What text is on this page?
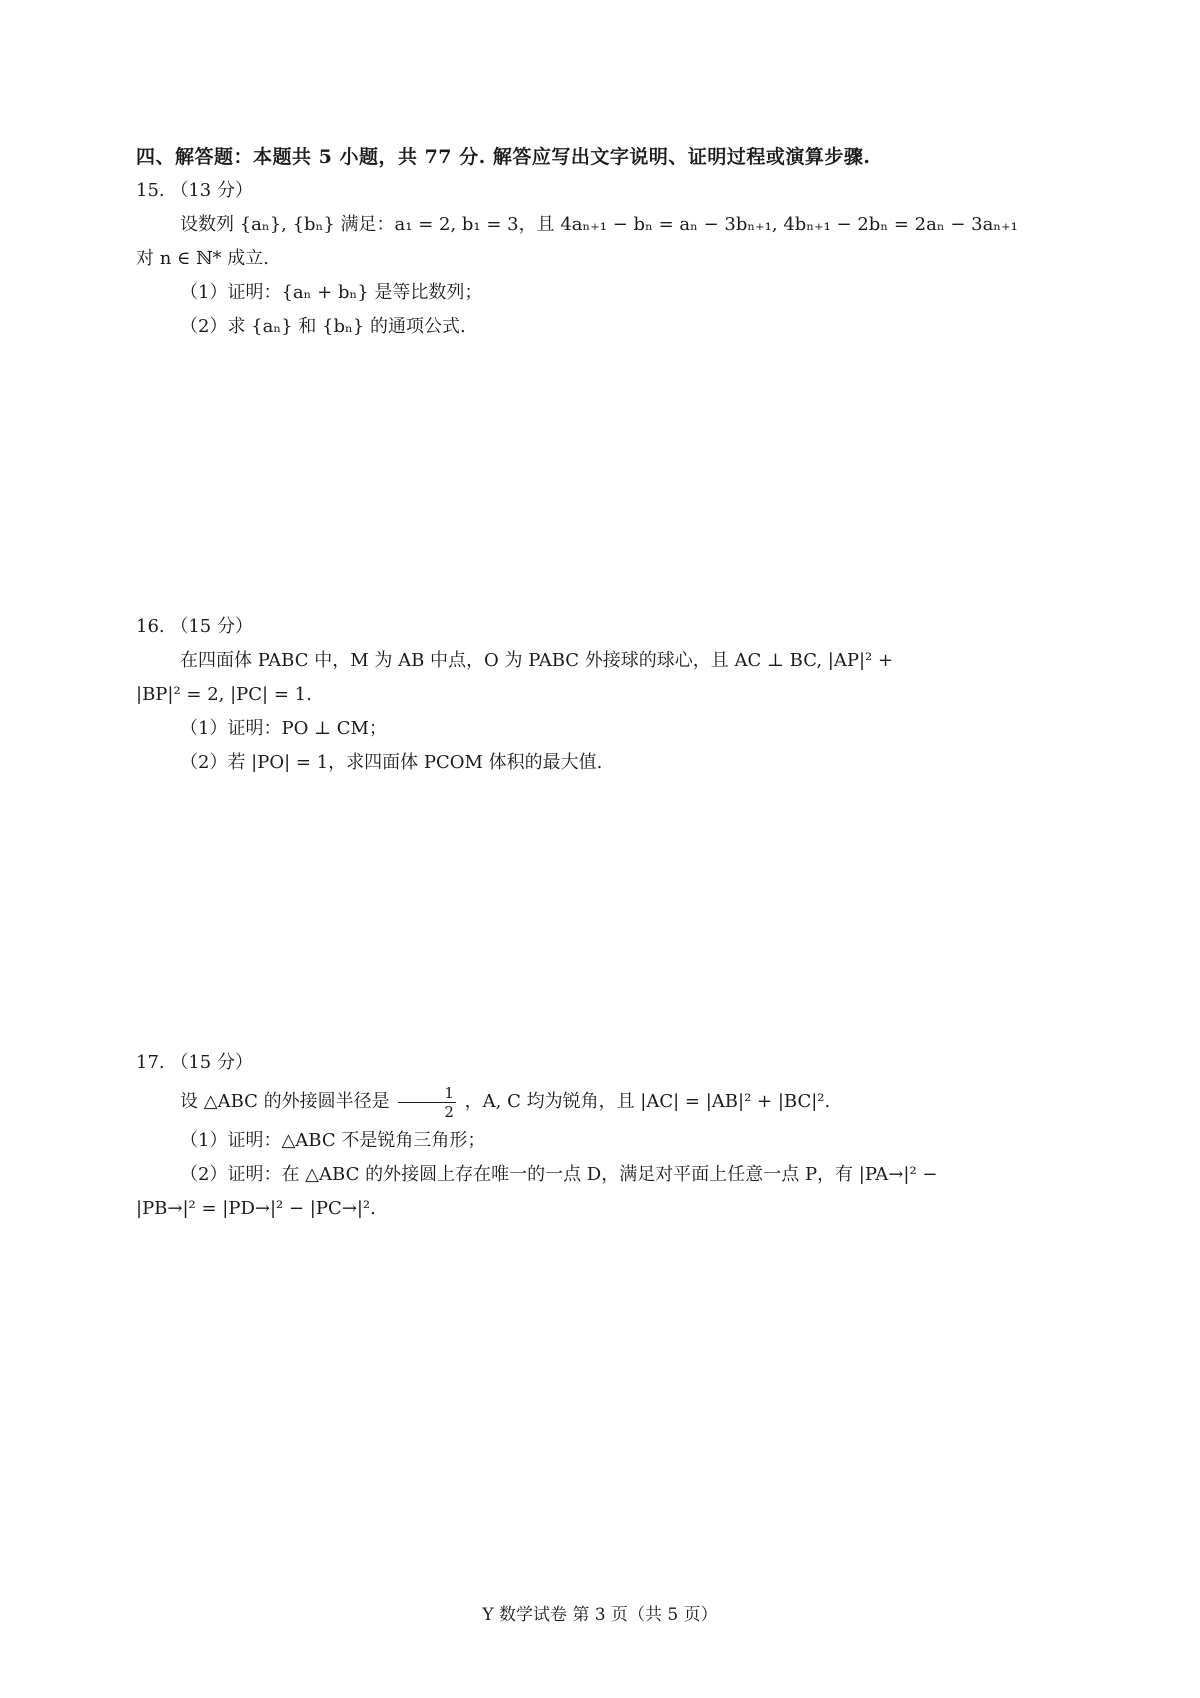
四、解答题：本题共 5 小题，共 77 分. 解答应写出文字说明、证明过程或演算步骤.
15. （13 分）
设数列 {aₙ}, {bₙ} 满足：a₁ = 2, b₁ = 3，且 4aₙ₊₁ − bₙ = aₙ − 3bₙ₊₁, 4bₙ₊₁ − 2bₙ = 2aₙ − 3aₙ₊₁
对 n ∈ ℕ* 成立.
（1）证明：{aₙ + bₙ} 是等比数列；
（2）求 {aₙ} 和 {bₙ} 的通项公式.
16. （15 分）
在四面体 PABC 中，M 为 AB 中点，O 为 PABC 外接球的球心，且 AC ⊥ BC, |AP|² +
|BP|² = 2, |PC| = 1.
（1）证明：PO ⊥ CM；
（2）若 |PO| = 1，求四面体 PCOM 体积的最大值.
17. （15 分）
设 △ABC 的外接圆半径是 $\frac{1}{2}$ ，A, C 均为锐角，且 |AC| = |AB|² + |BC|².
（1）证明：△ABC 不是锐角三角形；
（2）证明：在 △ABC 的外接圆上存在唯一的一点 D，满足对平面上任意一点 P，有 |PA→|² −
|PB→|² = |PD→|² − |PC→|².
Y 数学试卷 第 3 页（共 5 页）
